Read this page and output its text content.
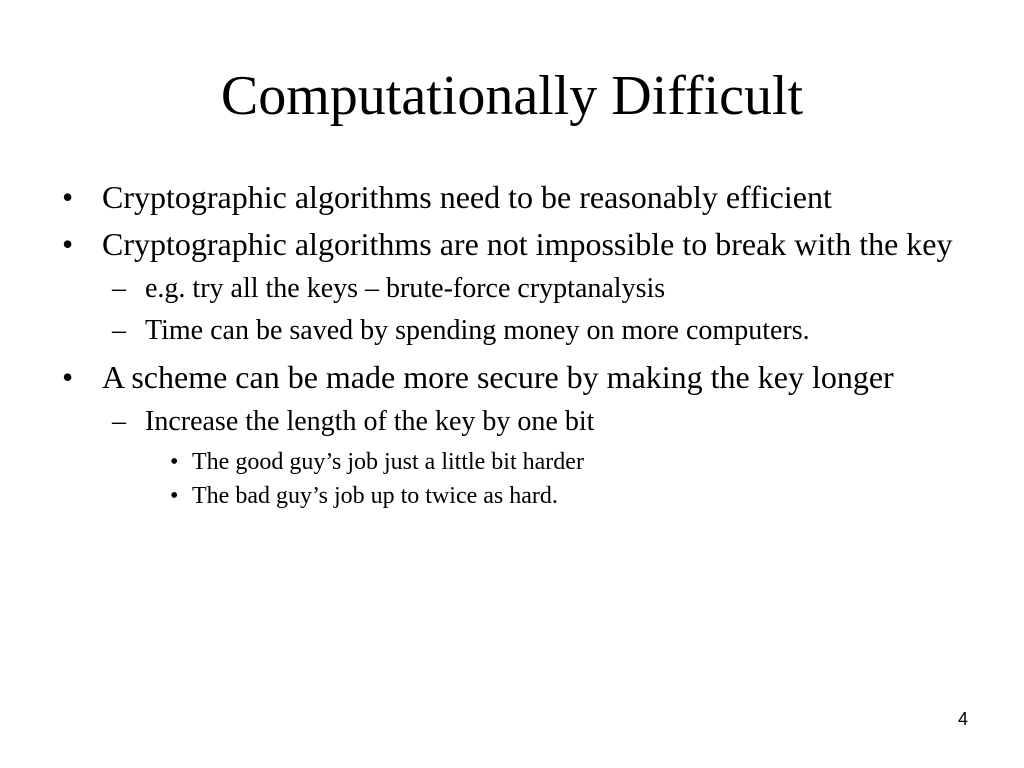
Computationally Difficult
• Cryptographic algorithms need to be reasonably efficient
• Cryptographic algorithms are not impossible to break with the key
– e.g. try all the keys – brute-force cryptanalysis
– Time can be saved by spending money on more computers.
• A scheme can be made more secure by making the key longer
– Increase the length of the key by one bit
• The good guy’s job just a little bit harder
• The bad guy’s job up to twice as hard.
4
